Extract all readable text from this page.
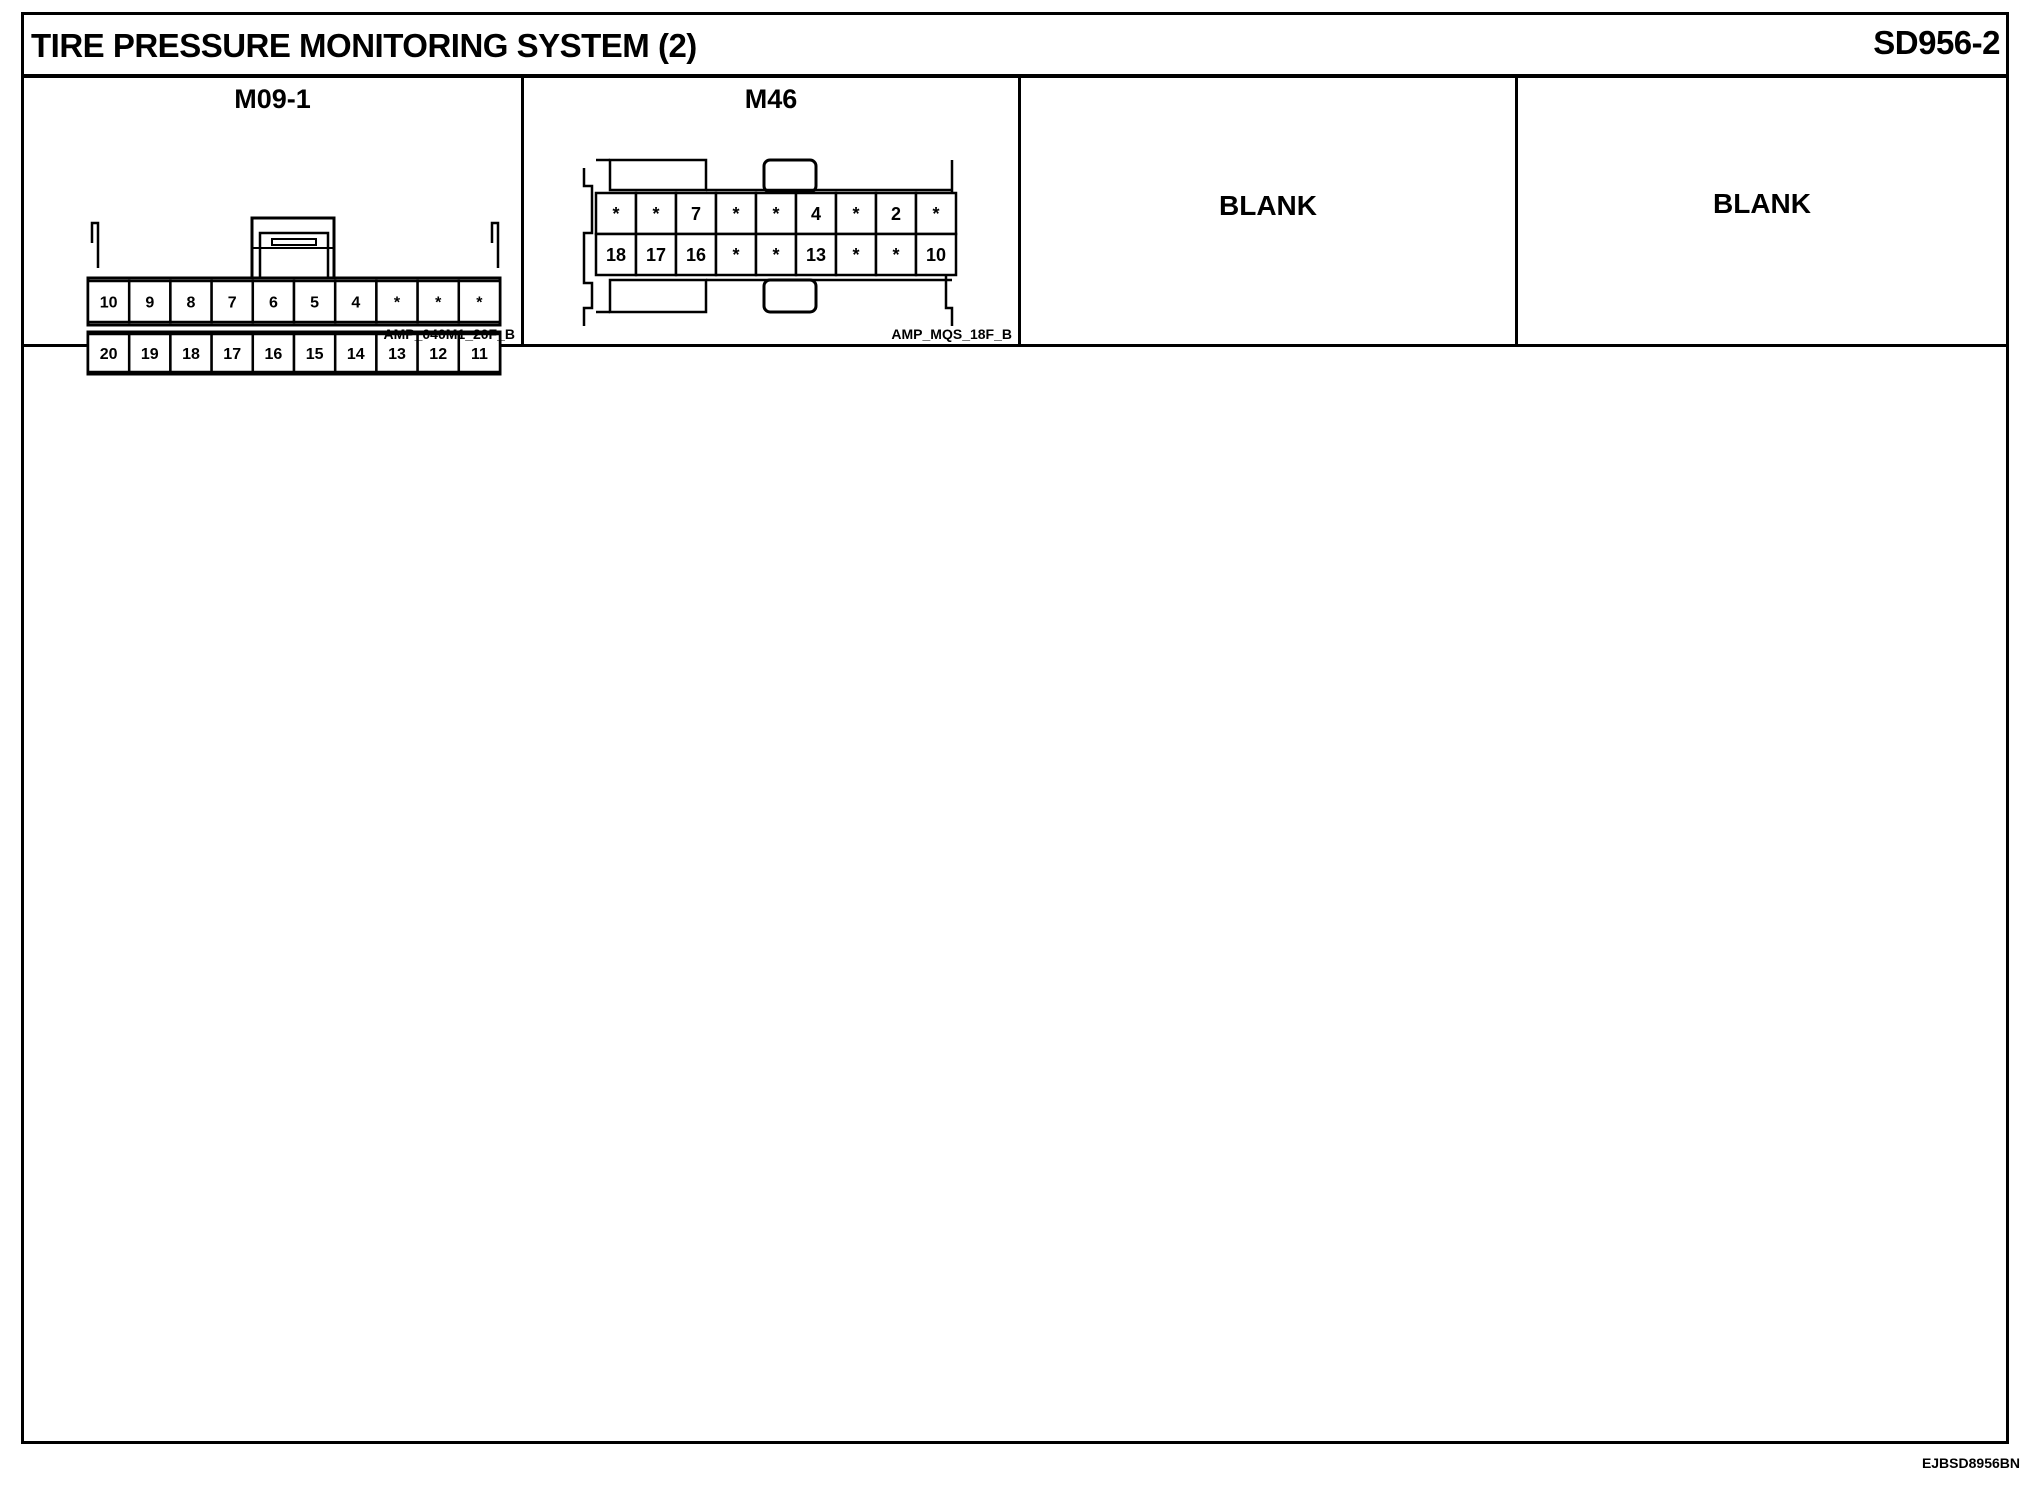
TIRE PRESSURE MONITORING SYSTEM (2)	SD956-2
M09-1
10 9 8 7 6 5 4 * * *
20 19 18 17 16 15 14 13 12 11
AMP_040M1_20F_B
M46
* * 7 * * 4 * 2 *
18 17 16 * * 13 * * 10
AMP_MQS_18F_B
BLANK	BLANK
EJBSD8956BN
